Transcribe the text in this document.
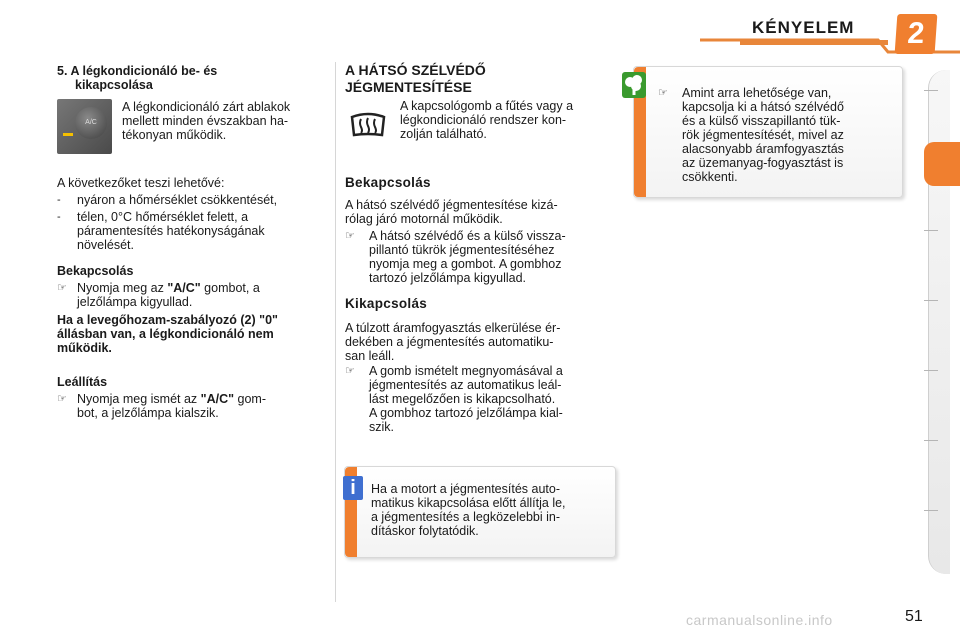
KÉNYELEM	2
5. A légkondicionáló be- és
kikapcsolása
A/C
A légkondicionáló zárt ablakok
mellett minden évszakban ha-
tékonyan működik.
A következőket teszi lehetővé:
-	nyáron a hőmérséklet csökkentését,
-	télen, 0°C hőmérséklet felett, a
páramentesítés hatékonyságának
növelését.
Bekapcsolás
☞ Nyomja meg az "A/C" gombot, a
jelzőlámpa kigyullad.
Ha a levegőhozam-szabályozó (2) "0"
állásban van, a légkondicionáló nem
működik.
Leállítás
☞ Nyomja meg ismét az "A/C" gom-
bot, a jelzőlámpa kialszik.
A HÁTSÓ SZÉLVÉDŐ
JÉGMENTESÍTÉSE
A kapcsológomb a fűtés vagy a
légkondicionáló rendszer kon-
zolján található.
Bekapcsolás
A hátsó szélvédő jégmentesítése kizá-
rólag járó motornál működik.
☞	A hátsó szélvédő és a külső vissza-
pillantó tükrök jégmentesítéséhez
nyomja meg a gombot. A gombhoz
tartozó jelzőlámpa kigyullad.
Kikapcsolás
A túlzott áramfogyasztás elkerülése ér-
dekében a jégmentesítés automatiku-
san leáll.
☞	A gomb ismételt megnyomásával a
jégmentesítés az automatikus leál-
lást megelőzően is kikapcsolható.
A gombhoz tartozó jelzőlámpa kial-
szik.
Ha a motort a jégmentesítés auto-
matikus kikapcsolása előtt állítja le,
a jégmentesítés a legközelebbi in-
dításkor folytatódik.
i
☞	Amint arra lehetősége van,
kapcsolja ki a hátsó szélvédő
és a külső visszapillantó tük-
rök jégmentesítését, mivel az
alacsonyabb áramfogyasztás
az üzemanyag-fogyasztást is
csökkenti.
51
carmanualsonline.info
